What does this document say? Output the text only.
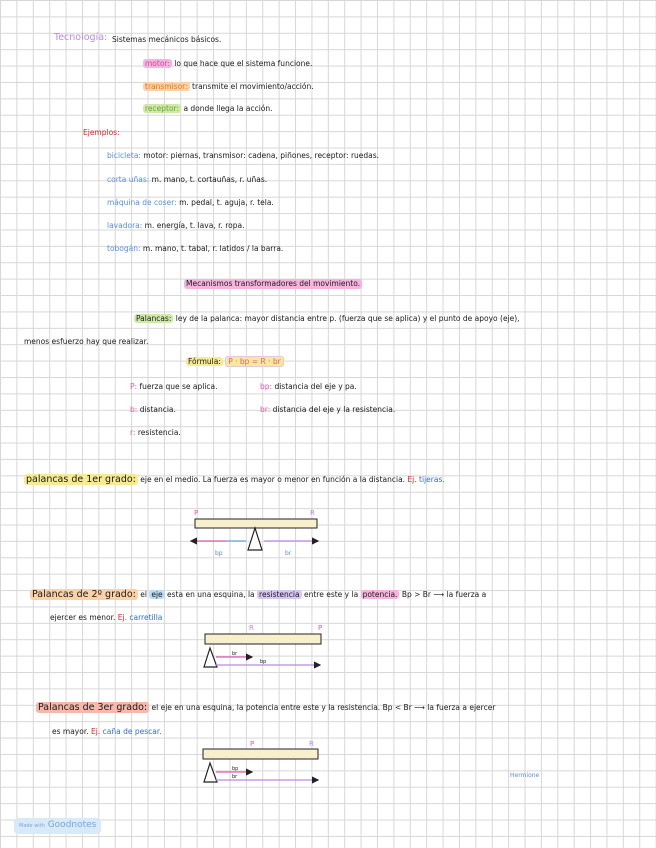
Tecnología: Sistemas mecánicos básicos.
motor: lo que hace que el sistema funcione.
transmisor: transmite el movimiento/acción.
receptor: a donde llega la acción.
Ejemplos:
bicicleta: motor: piernas, transmisor: cadena, piñones, receptor: ruedas.
corta uñas: m. mano, t. cortauñas, r. uñas.
máquina de coser: m. pedal, t. aguja, r. tela.
lavadora: m. energía, t. lava, r. ropa.
tobogán: m. mano, t. tabal, r. latidos / la barra.
Mecanismos transformadores del movimiento.
Palancas: ley de la palanca: mayor distancia entre p. (fuerza que se aplica) y el punto de apoyo (eje),
menos esfuerzo hay que realizar.
Fórmula: P · bp = R · br
P: fuerza que se aplica.	bp: distancia del eje y pa.
b: distancia.	br: distancia del eje y la resistencia.
r: resistencia.
palancas de 1er grado: eje en el medio. La fuerza es mayor o menor en función a la distancia. Ej. tijeras.
Palancas de 2º grado: el eje esta en una esquina, la resistencia entre este y la potencia. Bp > Br ⟶ la fuerza a
ejercer es menor. Ej. carretilla
Palancas de 3er grado: el eje en una esquina, la potencia entre este y la resistencia. Bp < Br ⟶ la fuerza a ejercer
es mayor. Ej. caña de pescar.
P	R
bp	br
R	P
br
bp
P	R
bp
br	Hermione
Made with Goodnotes
